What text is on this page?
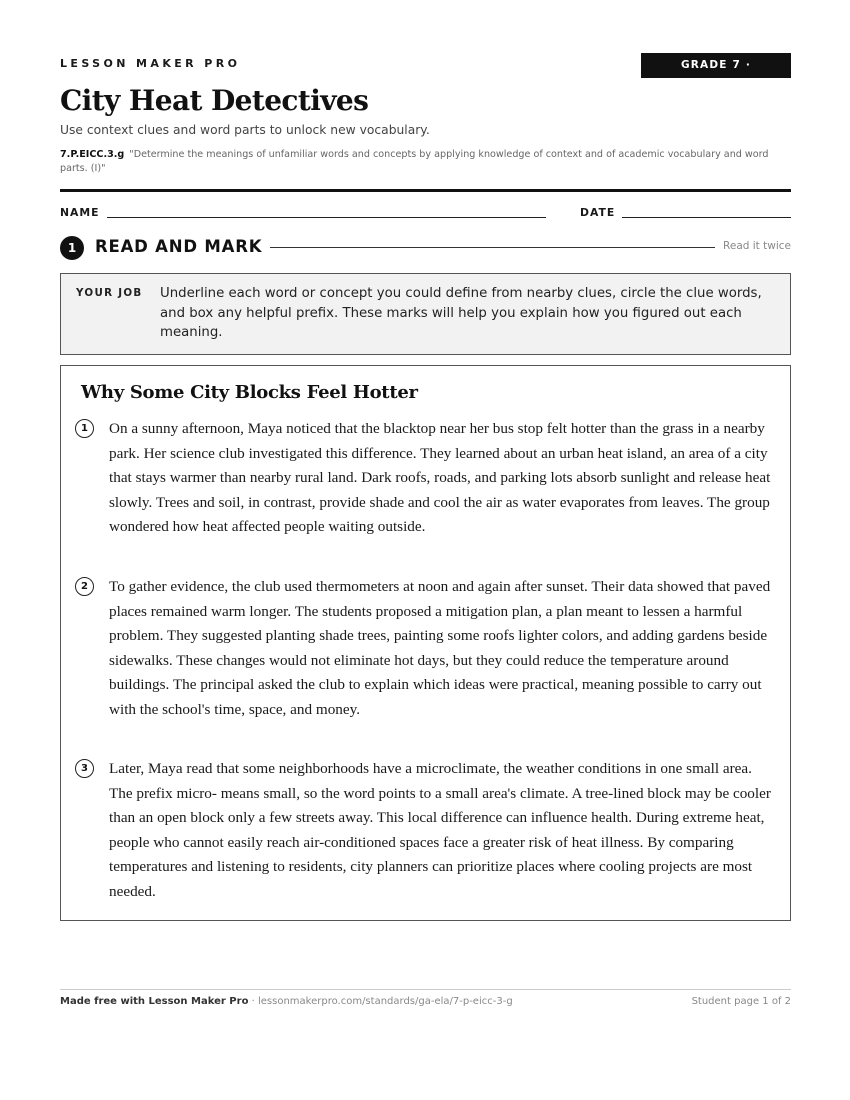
LESSON MAKER PRO	GRADE 7 · 7.P.EICC.3.g
City Heat Detectives
Use context clues and word parts to unlock new vocabulary.
7.P.EICC.3.g "Determine the meanings of unfamiliar words and concepts by applying knowledge of context and of academic vocabulary and word parts. (I)"
NAME	DATE
1	READ AND MARK	Read it twice
YOUR JOB Underline each word or concept you could define from nearby clues, circle the clue words, and box any helpful prefix. These marks will help you explain how you figured out each meaning.
Why Some City Blocks Feel Hotter
1	On a sunny afternoon, Maya noticed that the blacktop near her bus stop felt hotter than the grass in a nearby park. Her science club investigated this difference. They learned about an urban heat island, an area of a city that stays warmer than nearby rural land. Dark roofs, roads, and parking lots absorb sunlight and release heat slowly. Trees and soil, in contrast, provide shade and cool the air as water evaporates from leaves. The group wondered how heat affected people waiting outside.
2	To gather evidence, the club used thermometers at noon and again after sunset. Their data showed that paved places remained warm longer. The students proposed a mitigation plan, a plan meant to lessen a harmful problem. They suggested planting shade trees, painting some roofs lighter colors, and adding gardens beside sidewalks. These changes would not eliminate hot days, but they could reduce the temperature around buildings. The principal asked the club to explain which ideas were practical, meaning possible to carry out with the school's time, space, and money.
3	Later, Maya read that some neighborhoods have a microclimate, the weather conditions in one small area. The prefix micro- means small, so the word points to a small area's climate. A tree-lined block may be cooler than an open block only a few streets away. This local difference can influence health. During extreme heat, people who cannot easily reach air-conditioned spaces face a greater risk of heat illness. By comparing temperatures and listening to residents, city planners can prioritize places where cooling projects are most needed.
Made free with Lesson Maker Pro · lessonmakerpro.com/standards/ga-ela/7-p-eicc-3-g	Student page 1 of 2
